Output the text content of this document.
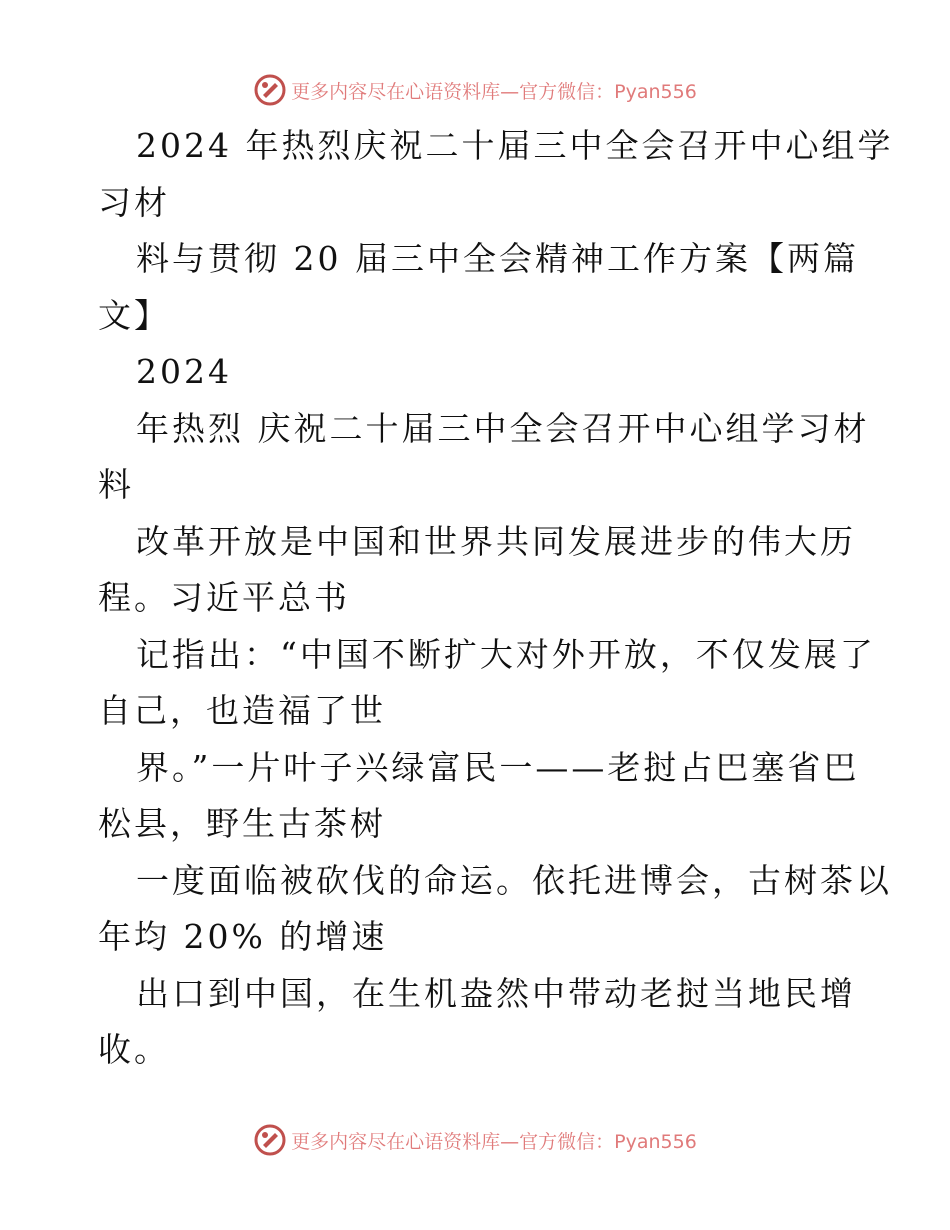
更多内容尽在心语资料库—官方微信：Pyan556
2024 年热烈庆祝二十届三中全会召开中心组学
习材
料与贯彻 20 届三中全会精神工作方案【两篇
文】
2024
年热烈 庆祝二十届三中全会召开中心组学习材
料
改革开放是中国和世界共同发展进步的伟大历
程。习近平总书
记指出：“中国不断扩大对外开放，不仅发展了
自己，也造福了世
界。”一片叶子兴绿富民一——老挝占巴塞省巴
松县，野生古茶树
一度面临被砍伐的命运。依托进博会，古树茶以
年均 20% 的增速
出口到中国，在生机盎然中带动老挝当地民增
收。
更多内容尽在心语资料库—官方微信：Pyan556
